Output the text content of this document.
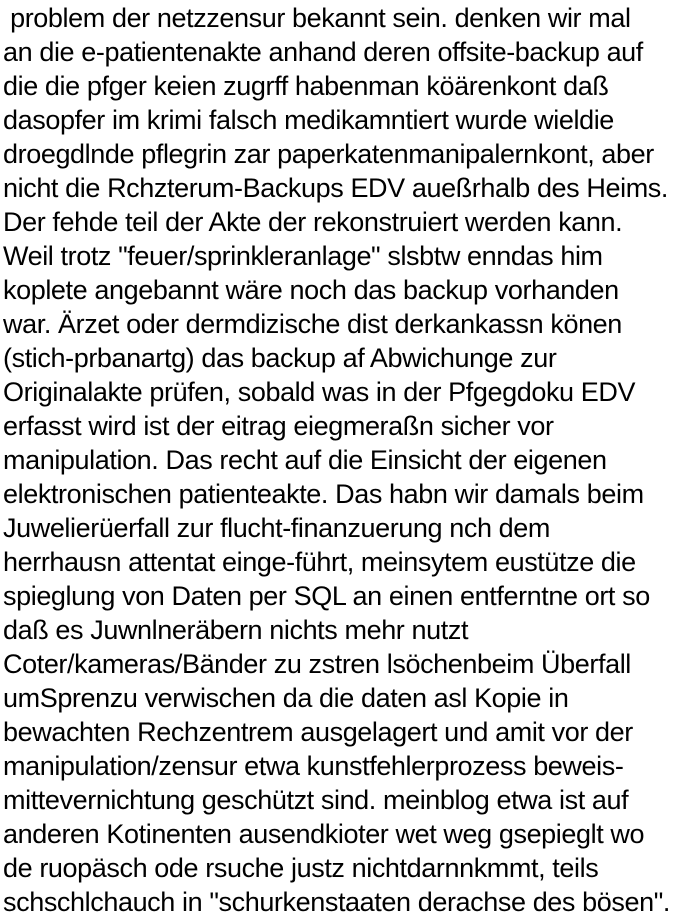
problem der netzzensur bekannt sein. denken wir mal
an die e-patientenakte anhand deren offsite-backup auf
die die pfger keien zugrff habenman köärenkont daß
dasopfer im krimi falsch medikamntiert wurde wieldie
droegdlnde pflegrin zar paperkatenmanipalernkont, aber
nicht die Rchzterum-Backups EDV aueßrhalb des Heims.
Der fehde teil der Akte der rekonstruiert werden kann.
Weil trotz "feuer/sprinkleranlage" slsbtw enndas him
koplete angebannt wäre noch das backup vorhanden
war. Ärzet oder dermdizische dist derkankassn könen
(stich-prbanartg) das backup af Abwichunge zur
Originalakte prüfen, sobald was in der Pfgegdoku EDV
erfasst wird ist der eitrag eiegmeraßn sicher vor
manipulation. Das recht auf die Einsicht der eigenen
elektronischen patienteakte. Das habn wir damals beim
Juwelierüerfall zur flucht-finanzuerung nch dem
herrhausn attentat einge-führt, meinsytem eustütze die
spieglung von Daten per SQL an einen entferntne ort so
daß es Juwnlneräbern nichts mehr nutzt
Coter/kameras/Bänder zu zstren lsöchenbeim Überfall
umSprenzu verwischen da die daten asl Kopie in
bewachten Rechzentrem ausgelagert und amit vor der
manipulation/zensur etwa kunstfehlerprozess beweis-
mittevernichtung geschützt sind. meinblog etwa ist auf
anderen Kotinenten ausendkioter wet weg gsepieglt wo
de ruopäsch ode rsuche justz nichtdarnnkmmt, teils
schschlchauch in "schurkenstaaten derachse des bösen".
